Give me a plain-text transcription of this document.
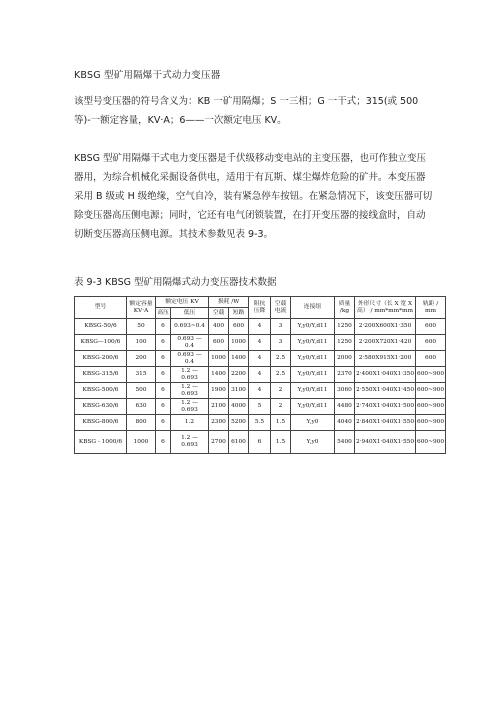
KBSG 型矿用隔爆干式动力变压器

该型号变压器的符号含义为：KB 一矿用隔爆；S 一三相；G 一干式；315(或 500 等)-一额定容量，KV·A；6——一次额定电压 KV。

KBSG 型矿用隔爆干式电力变压器是千伏级移动变电站的主变压器，也可作独立变压器用，为综合机械化采掘设备供电，适用于有瓦斯、煤尘爆炸危险的矿井。本变压器采用 B 级或 H 级绝缘，空气自冷，装有紧急停车按钮。在紧急情况下，该变压器可切除变压器高压侧电源；同时，它还有电气闭锁装置，在打开变压器的接线盒时，自动切断变压器高压侧电源。其技术参数见表 9-3。

表 9-3 KBSG 型矿用隔爆式动力变压器技术数据
型号	额定容量 KV·A	额定电压 KV		损耗 /W		阻抗 压降	空载 电流	连接组	质量 /kg	外形尺寸（长 X 宽 X 高） / mm*mm*mm	轨距 / mm
		高压	低压	空载	短路						
KBSG-50/6	50	6	0.693~0.4	400	600	4	3	Y,y0/Y,d11	1250	2·200X600X1·350	600
KBSG—100/6	100	6	0.693 — 0.4	600	1000	4	3	Y,y0/Y,d11	1250	2·200X720X1·420	600
KBSG-200/6	200	6	0.693 — 0.4	1000	1400	4	2.5	Y,y0/Y,d11	2000	2·580X915X1·200	600
KBSG-315/6	315	6	1.2 — 0.693	1400	2200	4	2.5	Y,y0/Y,d11	2370	2·400X1·040X1·350	600~900
KBSG-500/6	500	6	1.2 — 0.693	1900	3100	4	2	Y,y0/Y,d11	3060	2·550X1·040X1·450	600~900
KBSG-630/6	630	6	1.2 — 0.693	2100	4000	5	2	Y,y0/Y,d11	4480	2·740X1·040X1·500	600~900
KBSG-800/6	800	6	1.2	2300	5200	5.5	1.5	Y,y0	4040	2·840X1·040X1·550	600~900
KBSG - 1000/6	1000	6	1.2 — 0.693	2700	6100	6	1.5	Y,y0	5400	2·940X1·040X1·550	600~900
